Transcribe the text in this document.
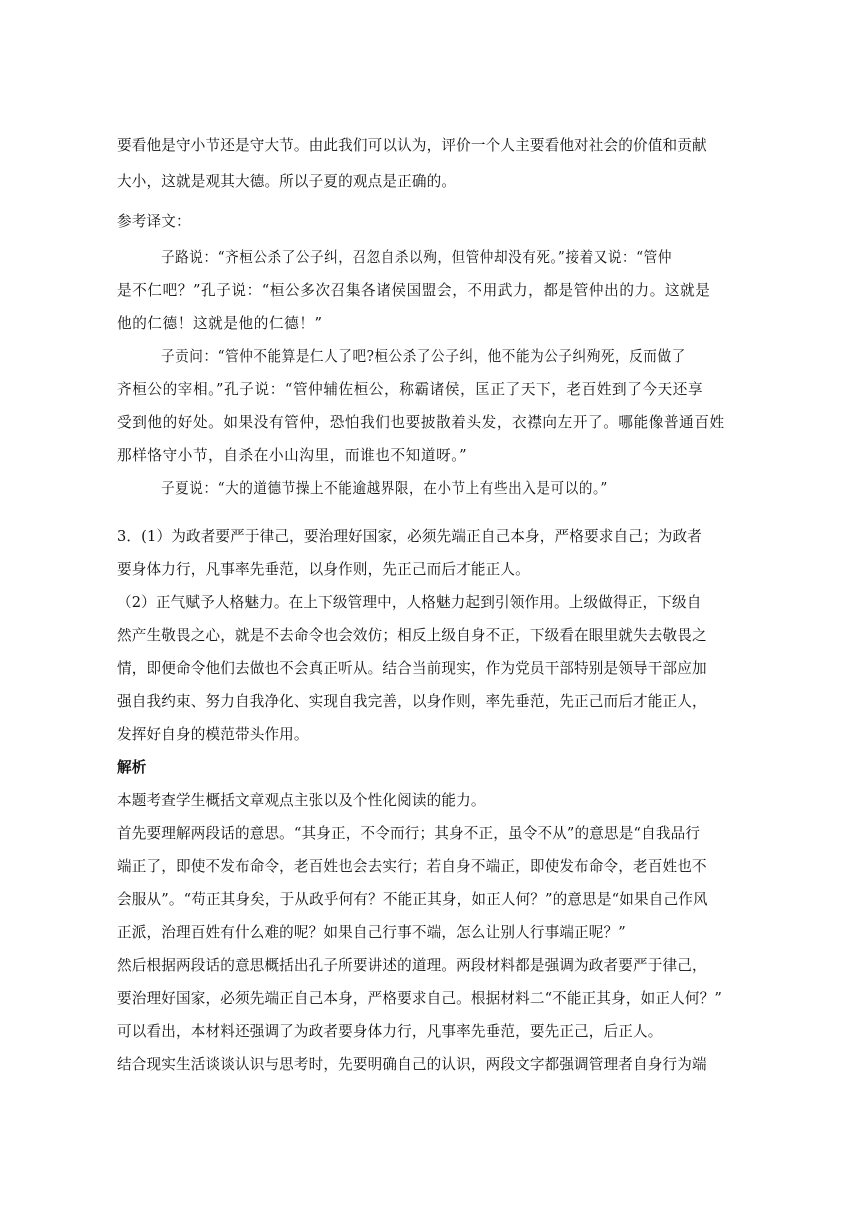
要看他是守小节还是守大节。由此我们可以认为，评价一个人主要看他对社会的价值和贡献
大小，这就是观其大德。所以子夏的观点是正确的。
参考译文：
子路说：“齐桓公杀了公子纠，召忽自杀以殉，但管仲却没有死。”接着又说：“管仲
是不仁吧？”孔子说：“桓公多次召集各诸侯国盟会，不用武力，都是管仲出的力。这就是
他的仁德！这就是他的仁德！”
子贡问：“管仲不能算是仁人了吧?桓公杀了公子纠，他不能为公子纠殉死，反而做了
齐桓公的宰相。”孔子说：“管仲辅佐桓公，称霸诸侯，匡正了天下，老百姓到了今天还享
受到他的好处。如果没有管仲，恐怕我们也要披散着头发，衣襟向左开了。哪能像普通百姓
那样恪守小节，自杀在小山沟里，而谁也不知道呀。”
子夏说：“大的道德节操上不能逾越界限，在小节上有些出入是可以的。”
3．(1）为政者要严于律己，要治理好国家，必须先端正自己本身，严格要求自己；为政者
要身体力行，凡事率先垂范，以身作则，先正己而后才能正人。
（2）正气赋予人格魅力。在上下级管理中，人格魅力起到引领作用。上级做得正，下级自
然产生敬畏之心，就是不去命令也会效仿；相反上级自身不正，下级看在眼里就失去敬畏之
情，即便命令他们去做也不会真正听从。结合当前现实，作为党员干部特别是领导干部应加
强自我约束、努力自我净化、实现自我完善，以身作则，率先垂范，先正己而后才能正人，
发挥好自身的模范带头作用。
解析
本题考查学生概括文章观点主张以及个性化阅读的能力。
首先要理解两段话的意思。“其身正，不令而行；其身不正，虽令不从”的意思是“自我品行
端正了，即使不发布命令，老百姓也会去实行；若自身不端正，即使发布命令，老百姓也不
会服从”。“苟正其身矣，于从政乎何有？不能正其身，如正人何？”的意思是“如果自己作风
正派，治理百姓有什么难的呢？如果自己行事不端，怎么让别人行事端正呢？”
然后根据两段话的意思概括出孔子所要讲述的道理。两段材料都是强调为政者要严于律己，
要治理好国家，必须先端正自己本身，严格要求自己。根据材料二“不能正其身，如正人何？”
可以看出，本材料还强调了为政者要身体力行，凡事率先垂范，要先正己，后正人。
结合现实生活谈谈认识与思考时，先要明确自己的认识，两段文字都强调管理者自身行为端
